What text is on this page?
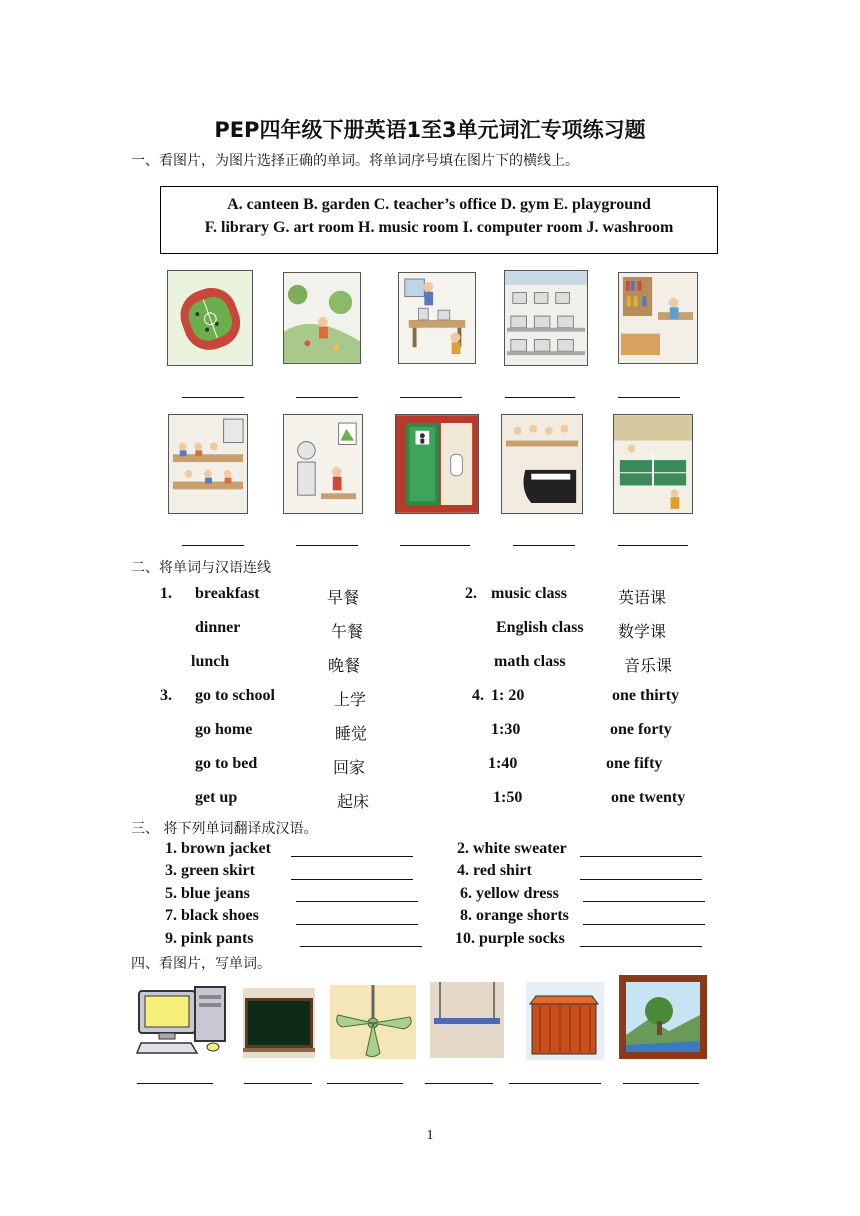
PEP四年级下册英语1至3单元词汇专项练习题
一、看图片，为图片选择正确的单词。将单词序号填在图片下的横线上。
A. canteen B. garden C. teacher’s office D. gym E. playground
F. library G. art room H. music room I. computer room J. washroom
二、将单词与汉语连线
1. breakfast
dinner
lunch
早餐
午餐
晚餐
2. music class
English class
math class
英语课
数学课
音乐课
3. go to school
go home
go to bed
get up
上学
睡觉
回家
起床
4. 1: 20
1:30
1:40
1:50
one thirty
one forty
one fifty
one twenty
三、 将下列单词翻译成汉语。
1. brown jacket	2. white sweater
3. green skirt	4. red shirt
5. blue jeans	6. yellow dress
7. black shoes	8. orange shorts
9. pink pants	10. purple socks
四、看图片，写单词。
1
